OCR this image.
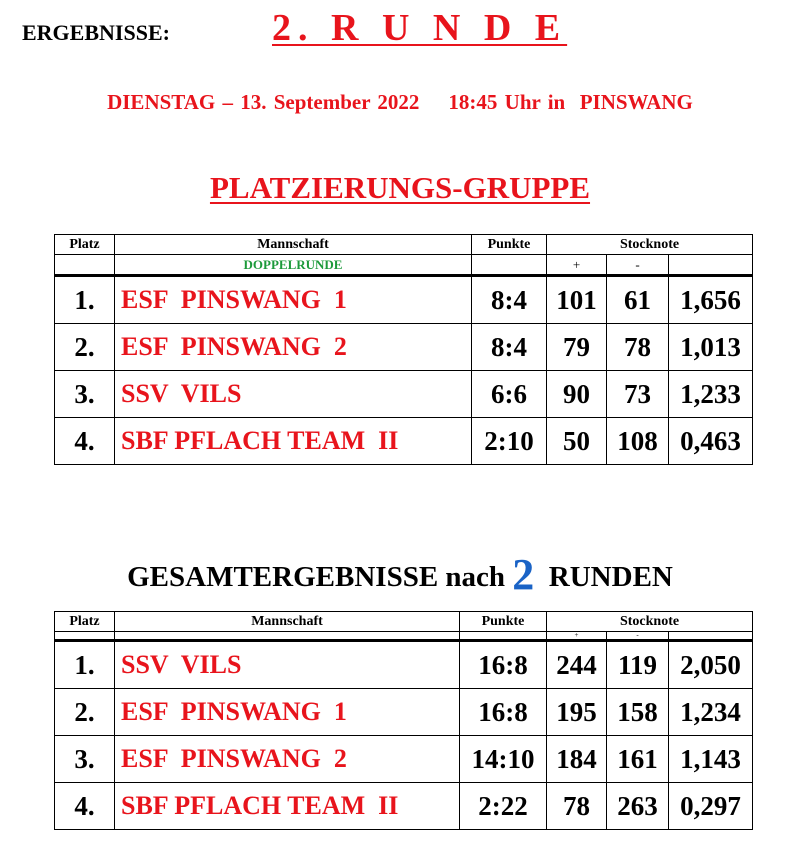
ERGEBNISSE:	2. R U N D E
DIENSTAG – 13. September 2022    18:45 Uhr in  PINSWANG
PLATZIERUNGS-GRUPPE
Platz	Mannschaft	Punkte	Stocknote		
	DOPPELRUNDE		+	-	
1.	ESF  PINSWANG  1	8:4	101	61	1,656
2.	ESF  PINSWANG  2	8:4	79	78	1,013
3.	SSV  VILS	6:6	90	73	1,233
4.	SBF PFLACH TEAM  II	2:10	50	108	0,463
GESAMTERGEBNISSE nach 2  RUNDEN
Platz	Mannschaft	Punkte	Stocknote		
			+	-	
1.	SSV  VILS	16:8	244	119	2,050
2.	ESF  PINSWANG  1	16:8	195	158	1,234
3.	ESF  PINSWANG  2	14:10	184	161	1,143
4.	SBF PFLACH TEAM  II	2:22	78	263	0,297
